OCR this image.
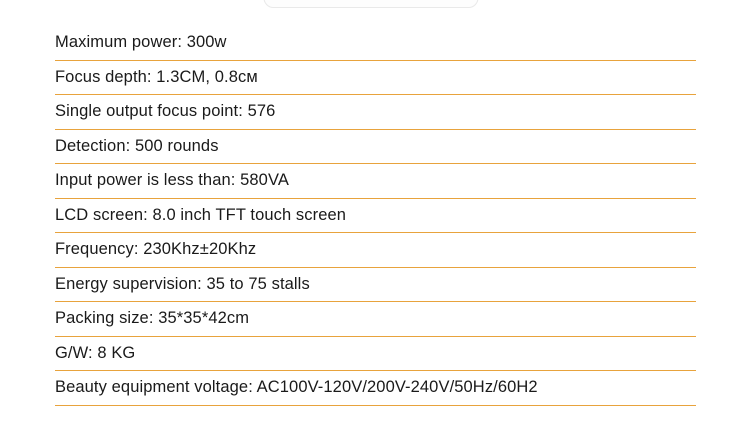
Maximum power: 300w
Focus depth: 1.3CM, 0.8см
Single output focus point: 576
Detection: 500 rounds
Input power is less than: 580VA
LCD screen: 8.0 inch TFT touch screen
Frequency: 230Khz±20Khz
Energy supervision: 35 to 75 stalls
Packing size: 35*35*42cm
G/W: 8 KG
Beauty equipment voltage: AC100V-120V/200V-240V/50Hz/60H2
